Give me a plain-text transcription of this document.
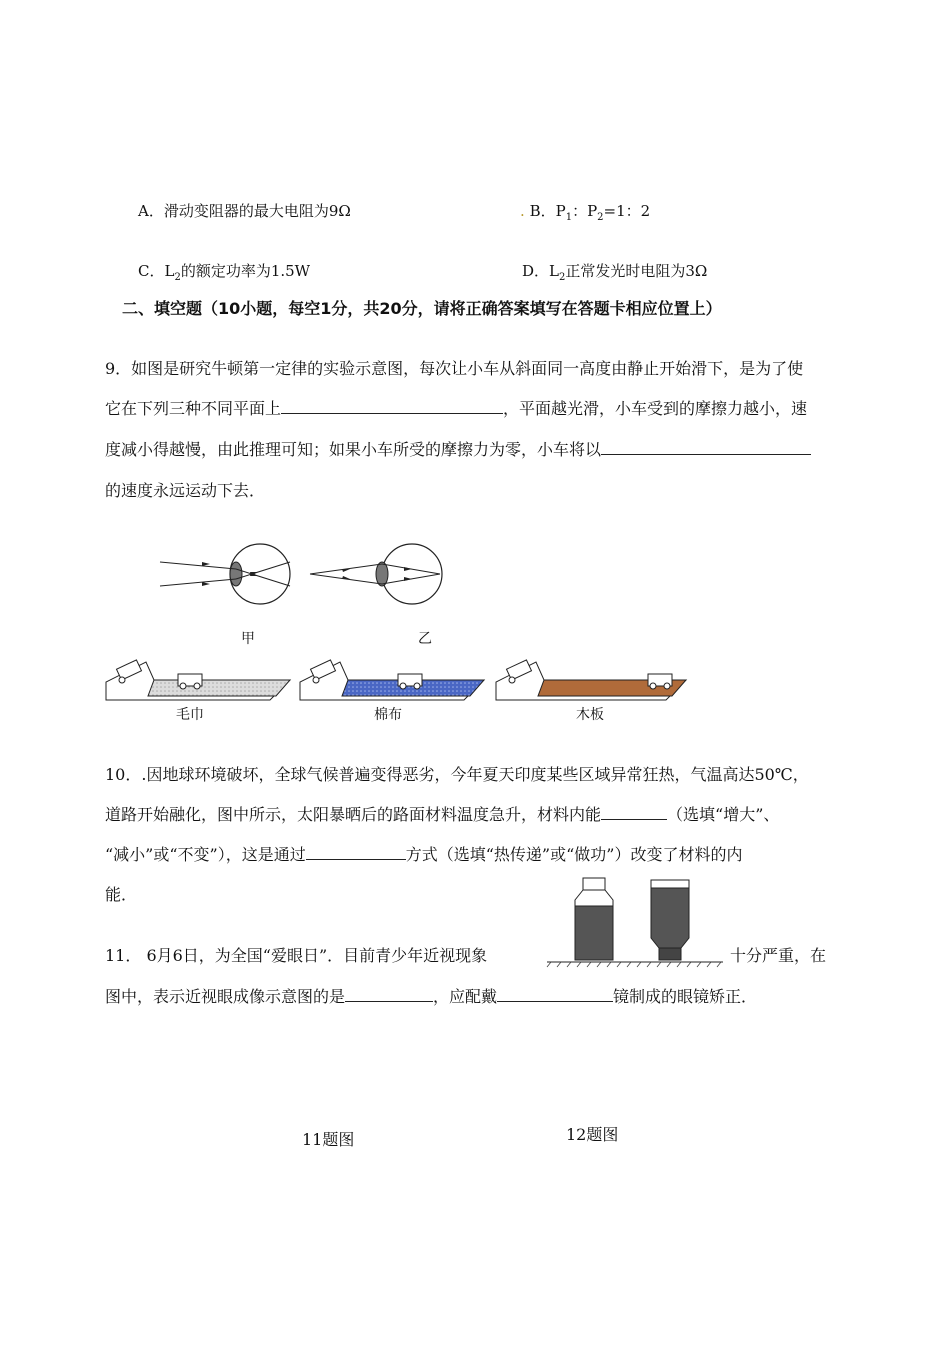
A．滑动变阻器的最大电阻为9Ω	. B．$P_1$：$P_2=1$：2
C．$L_2$的额定功率为1.5W	D．$L_2$正常发光时电阻为3Ω
二、填空题（10小题，每空1分，共20分，请将正确答案填写在答题卡相应位置上）
9．如图是研究牛顿第一定律的实验示意图，每次让小车从斜面同一高度由静止开始滑下，是为了使
它在下列三种不同平面上	，平面越光滑，小车受到的摩擦力越小，速
度减小得越慢，由此推理可知；如果小车所受的摩擦力为零，小车将以
的速度永远运动下去．
甲	乙
毛巾	棉布	木板
10．.因地球环境破坏，全球气候普遍变得恶劣，今年夏天印度某些区域异常狂热，气温高达50℃，
道路开始融化，图中所示，太阳暴晒后的路面材料温度急升，材料内能	（选填“增大”、
“减小”或“不变”），这是通过	方式（选填“热传递”或“做功”）改变了材料的内
能．
11． 6月6日，为全国“爱眼日”．目前青少年近视现象	十分严重，在
图中，表示近视眼成像示意图的是	，应配戴	镜制成的眼镜矫正．
11题图	12题图
